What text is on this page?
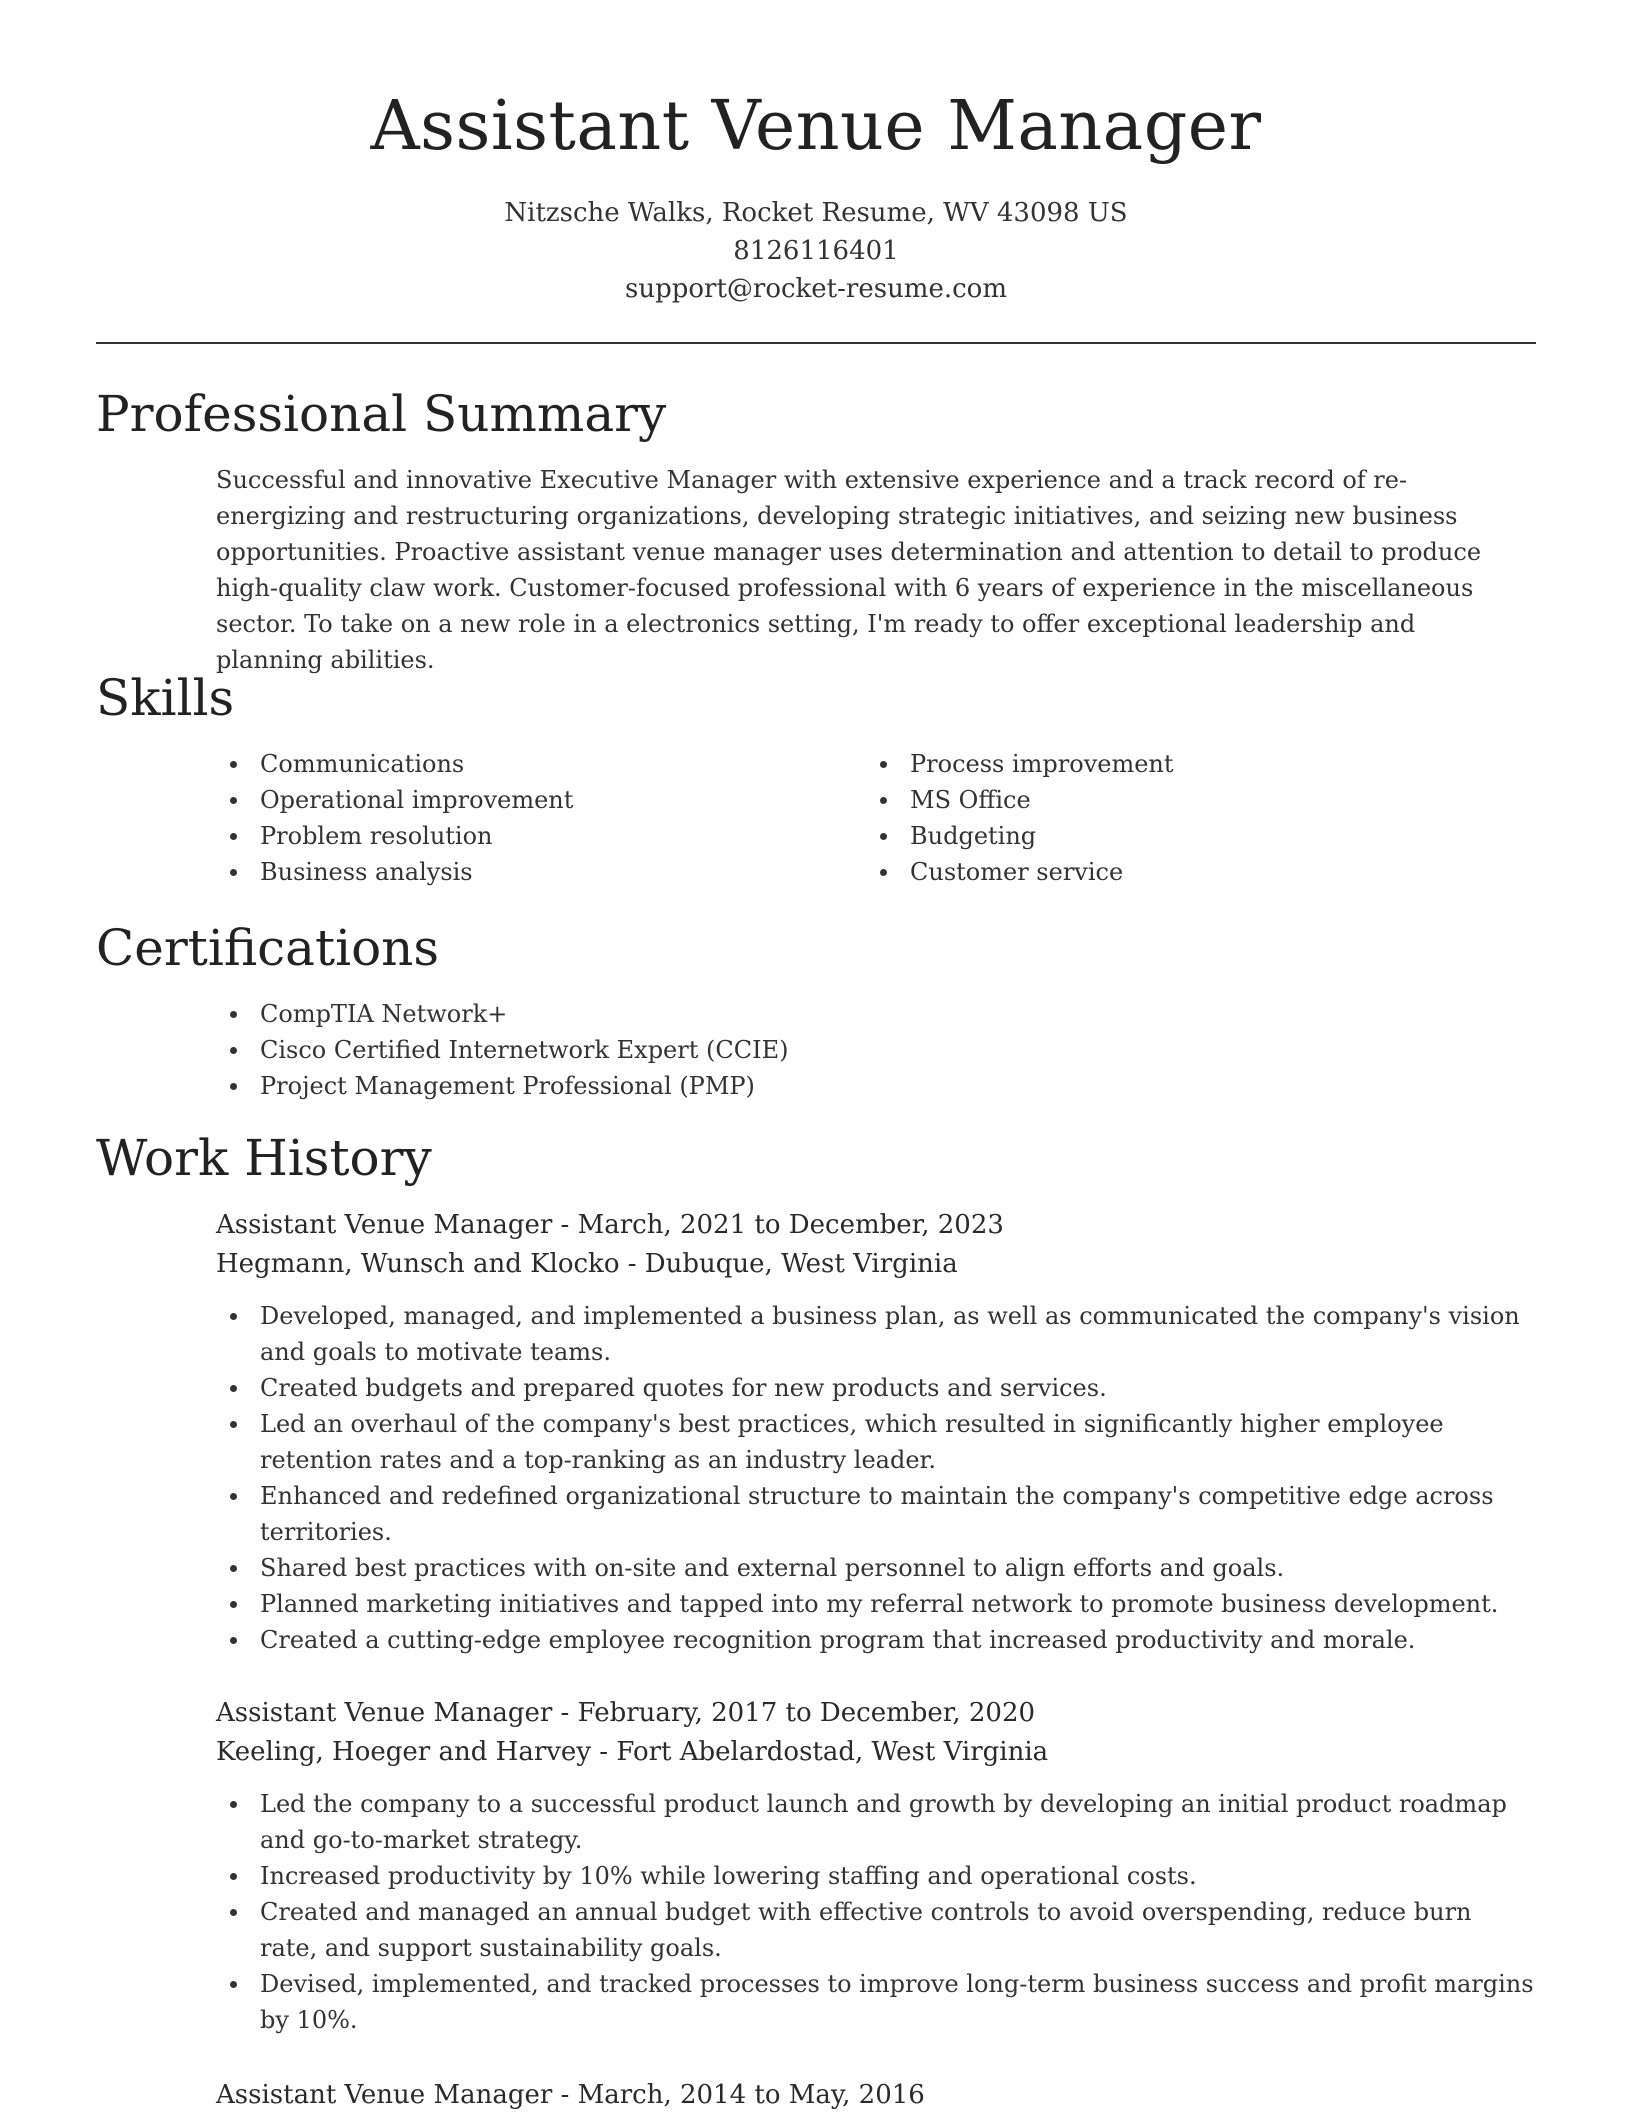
Assistant Venue Manager
Nitzsche Walks, Rocket Resume, WV 43098 US
8126116401
support@rocket-resume.com
Professional Summary

Successful and innovative Executive Manager with extensive experience and a track record of re-energizing and restructuring organizations, developing strategic initiatives, and seizing new business opportunities. Proactive assistant venue manager uses determination and attention to detail to produce high-quality claw work. Customer-focused professional with 6 years of experience in the miscellaneous sector. To take on a new role in a electronics setting, I'm ready to offer exceptional leadership and planning abilities.

Skills
Communications
Operational improvement
Problem resolution
Business analysis
Process improvement
MS Office
Budgeting
Customer service
Certifications
CompTIA Network+
Cisco Certified Internetwork Expert (CCIE)
Project Management Professional (PMP)
Work History
Assistant Venue Manager - March, 2021 to December, 2023
Hegmann, Wunsch and Klocko - Dubuque, West Virginia
Developed, managed, and implemented a business plan, as well as communicated the company's vision and goals to motivate teams.
Created budgets and prepared quotes for new products and services.
Led an overhaul of the company's best practices, which resulted in significantly higher employee retention rates and a top-ranking as an industry leader.
Enhanced and redefined organizational structure to maintain the company's competitive edge across territories.
Shared best practices with on-site and external personnel to align efforts and goals.
Planned marketing initiatives and tapped into my referral network to promote business development.
Created a cutting-edge employee recognition program that increased productivity and morale.
Assistant Venue Manager - February, 2017 to December, 2020
Keeling, Hoeger and Harvey - Fort Abelardostad, West Virginia
Led the company to a successful product launch and growth by developing an initial product roadmap and go-to-market strategy.
Increased productivity by 10% while lowering staffing and operational costs.
Created and managed an annual budget with effective controls to avoid overspending, reduce burn rate, and support sustainability goals.
Devised, implemented, and tracked processes to improve long-term business success and profit margins by 10%.
Assistant Venue Manager - March, 2014 to May, 2016
